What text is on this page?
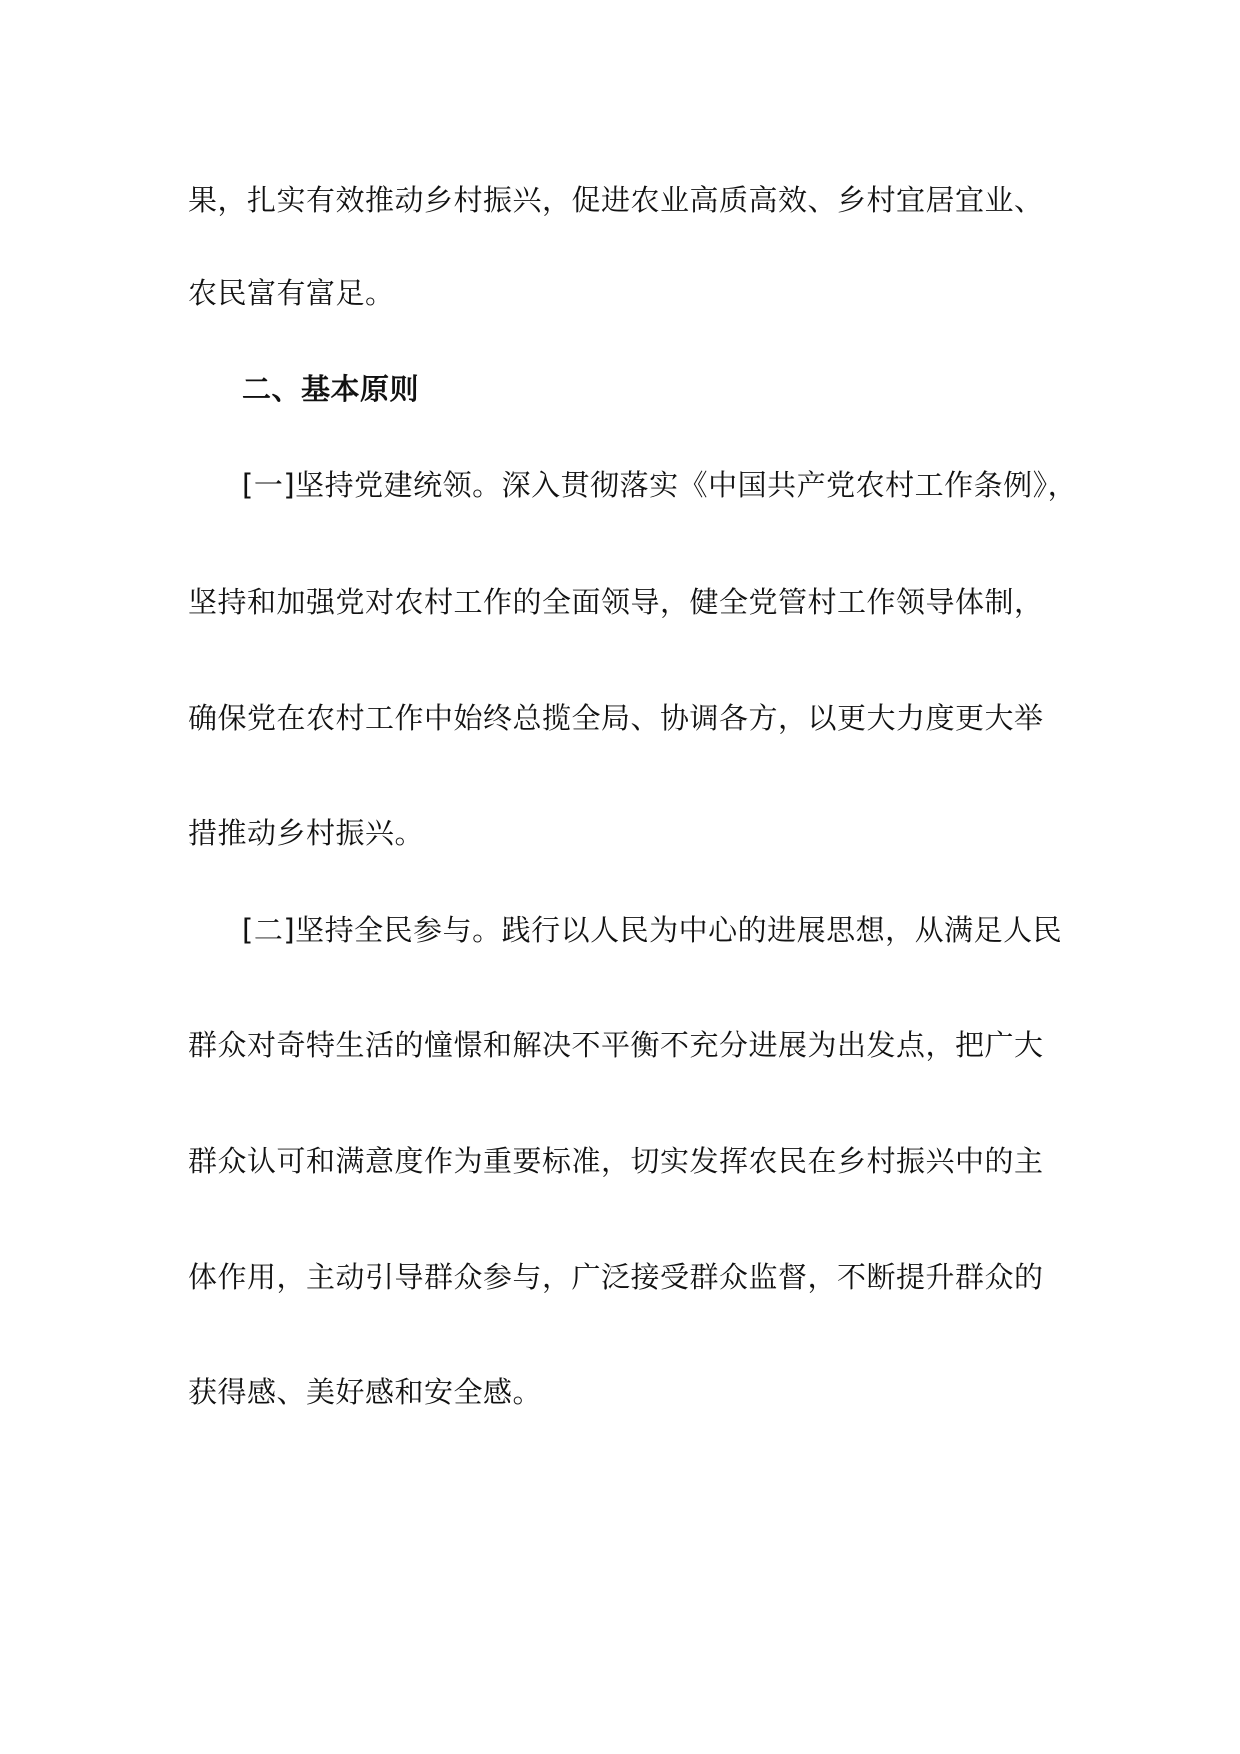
果，扎实有效推动乡村振兴，促进农业高质高效、乡村宜居宜业、
农民富有富足。
二、基本原则
[一]坚持党建统领。深入贯彻落实《中国共产党农村工作条例》，
坚持和加强党对农村工作的全面领导，健全党管村工作领导体制，
确保党在农村工作中始终总揽全局、协调各方，以更大力度更大举
措推动乡村振兴。
[二]坚持全民参与。践行以人民为中心的进展思想，从满足人民
群众对奇特生活的憧憬和解决不平衡不充分进展为出发点，把广大
群众认可和满意度作为重要标准，切实发挥农民在乡村振兴中的主
体作用，主动引导群众参与，广泛接受群众监督，不断提升群众的
获得感、美好感和安全感。
